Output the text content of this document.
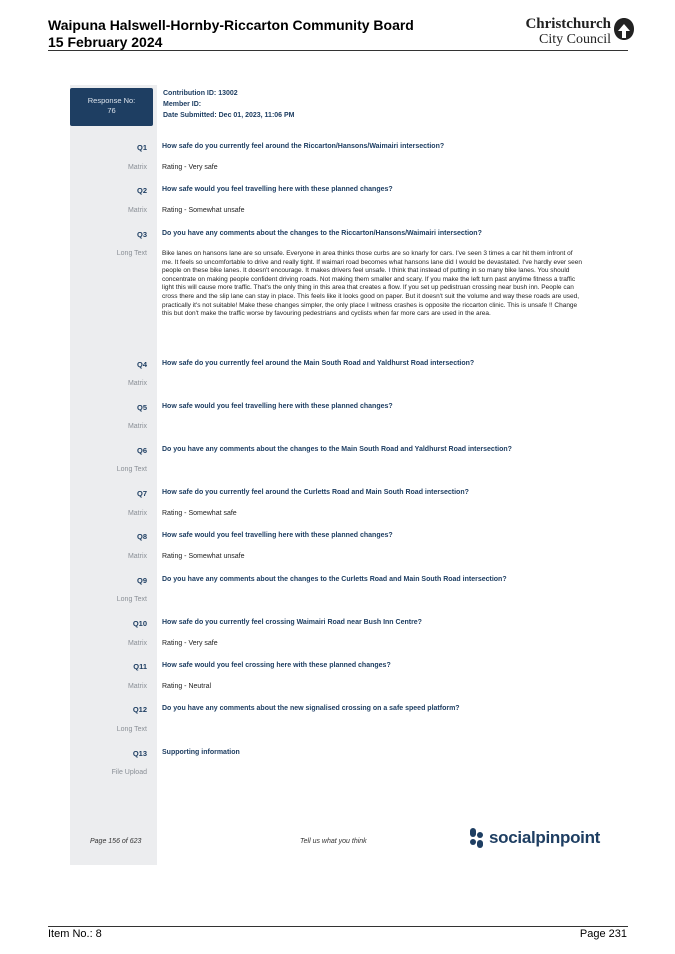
Waipuna Halswell-Hornby-Riccarton Community Board
15 February 2024
Christchurch
City Council
Response No:
76
Contribution ID: 13002
Member ID:
Date Submitted: Dec 01, 2023, 11:06 PM
Q1 How safe do you currently feel around the Riccarton/Hansons/Waimairi intersection?
Matrix Rating - Very safe
Q2 How safe would you feel travelling here with these planned changes?
Matrix Rating - Somewhat unsafe
Q3 Do you have any comments about the changes to the Riccarton/Hansons/Waimairi intersection?
Long Text Bike lanes on hansons lane are so unsafe. Everyone in area thinks those curbs are so knarly for cars. I've seen 3 times a car hit them infront of me. It feels so uncomfortable to drive and really tight. If waimari road becomes what hansons lane did I would be devastated. I've hardly ever seen people on these bike lanes. It doesn't encourage. It makes drivers feel unsafe. I think that instead of putting in so many bike lanes. You should concentrate on making people confident driving roads. Not making them smaller and scary. If you make the left turn past anytime fitness a traffic light this will cause more traffic. That's the only thing in this area that creates a flow. If you set up pedistruan crossing near bush inn. People can cross there and the slip lane can stay in place. This feels like it looks good on paper. But it doesn't suit the volume and way these roads are used, practically it's not suitable! Make these changes simpler, the only place I witness crashes is opposite the riccarton clinic. This is unsafe !! Change this but don't make the traffic worse by favouring pedestrians and cyclists when far more cars are used in the area.
Q4 How safe do you currently feel around the Main South Road and Yaldhurst Road intersection?
Matrix
Q5 How safe would you feel travelling here with these planned changes?
Matrix
Q6 Do you have any comments about the changes to the Main South Road and Yaldhurst Road intersection?
Long Text
Q7 How safe do you currently feel around the Curletts Road and Main South Road intersection?
Matrix Rating - Somewhat safe
Q8 How safe would you feel travelling here with these planned changes?
Matrix Rating - Somewhat unsafe
Q9 Do you have any comments about the changes to the Curletts Road and Main South Road intersection?
Long Text
Q10 How safe do you currently feel crossing Waimairi Road near Bush Inn Centre?
Matrix Rating - Very safe
Q11 How safe would you feel crossing here with these planned changes?
Matrix Rating - Neutral
Q12 Do you have any comments about the new signalised crossing on a safe speed platform?
Long Text
Q13 Supporting information
File Upload
Page 156 of 623	Tell us what you think	socialpinpoint
Item No.: 8	Page 231
